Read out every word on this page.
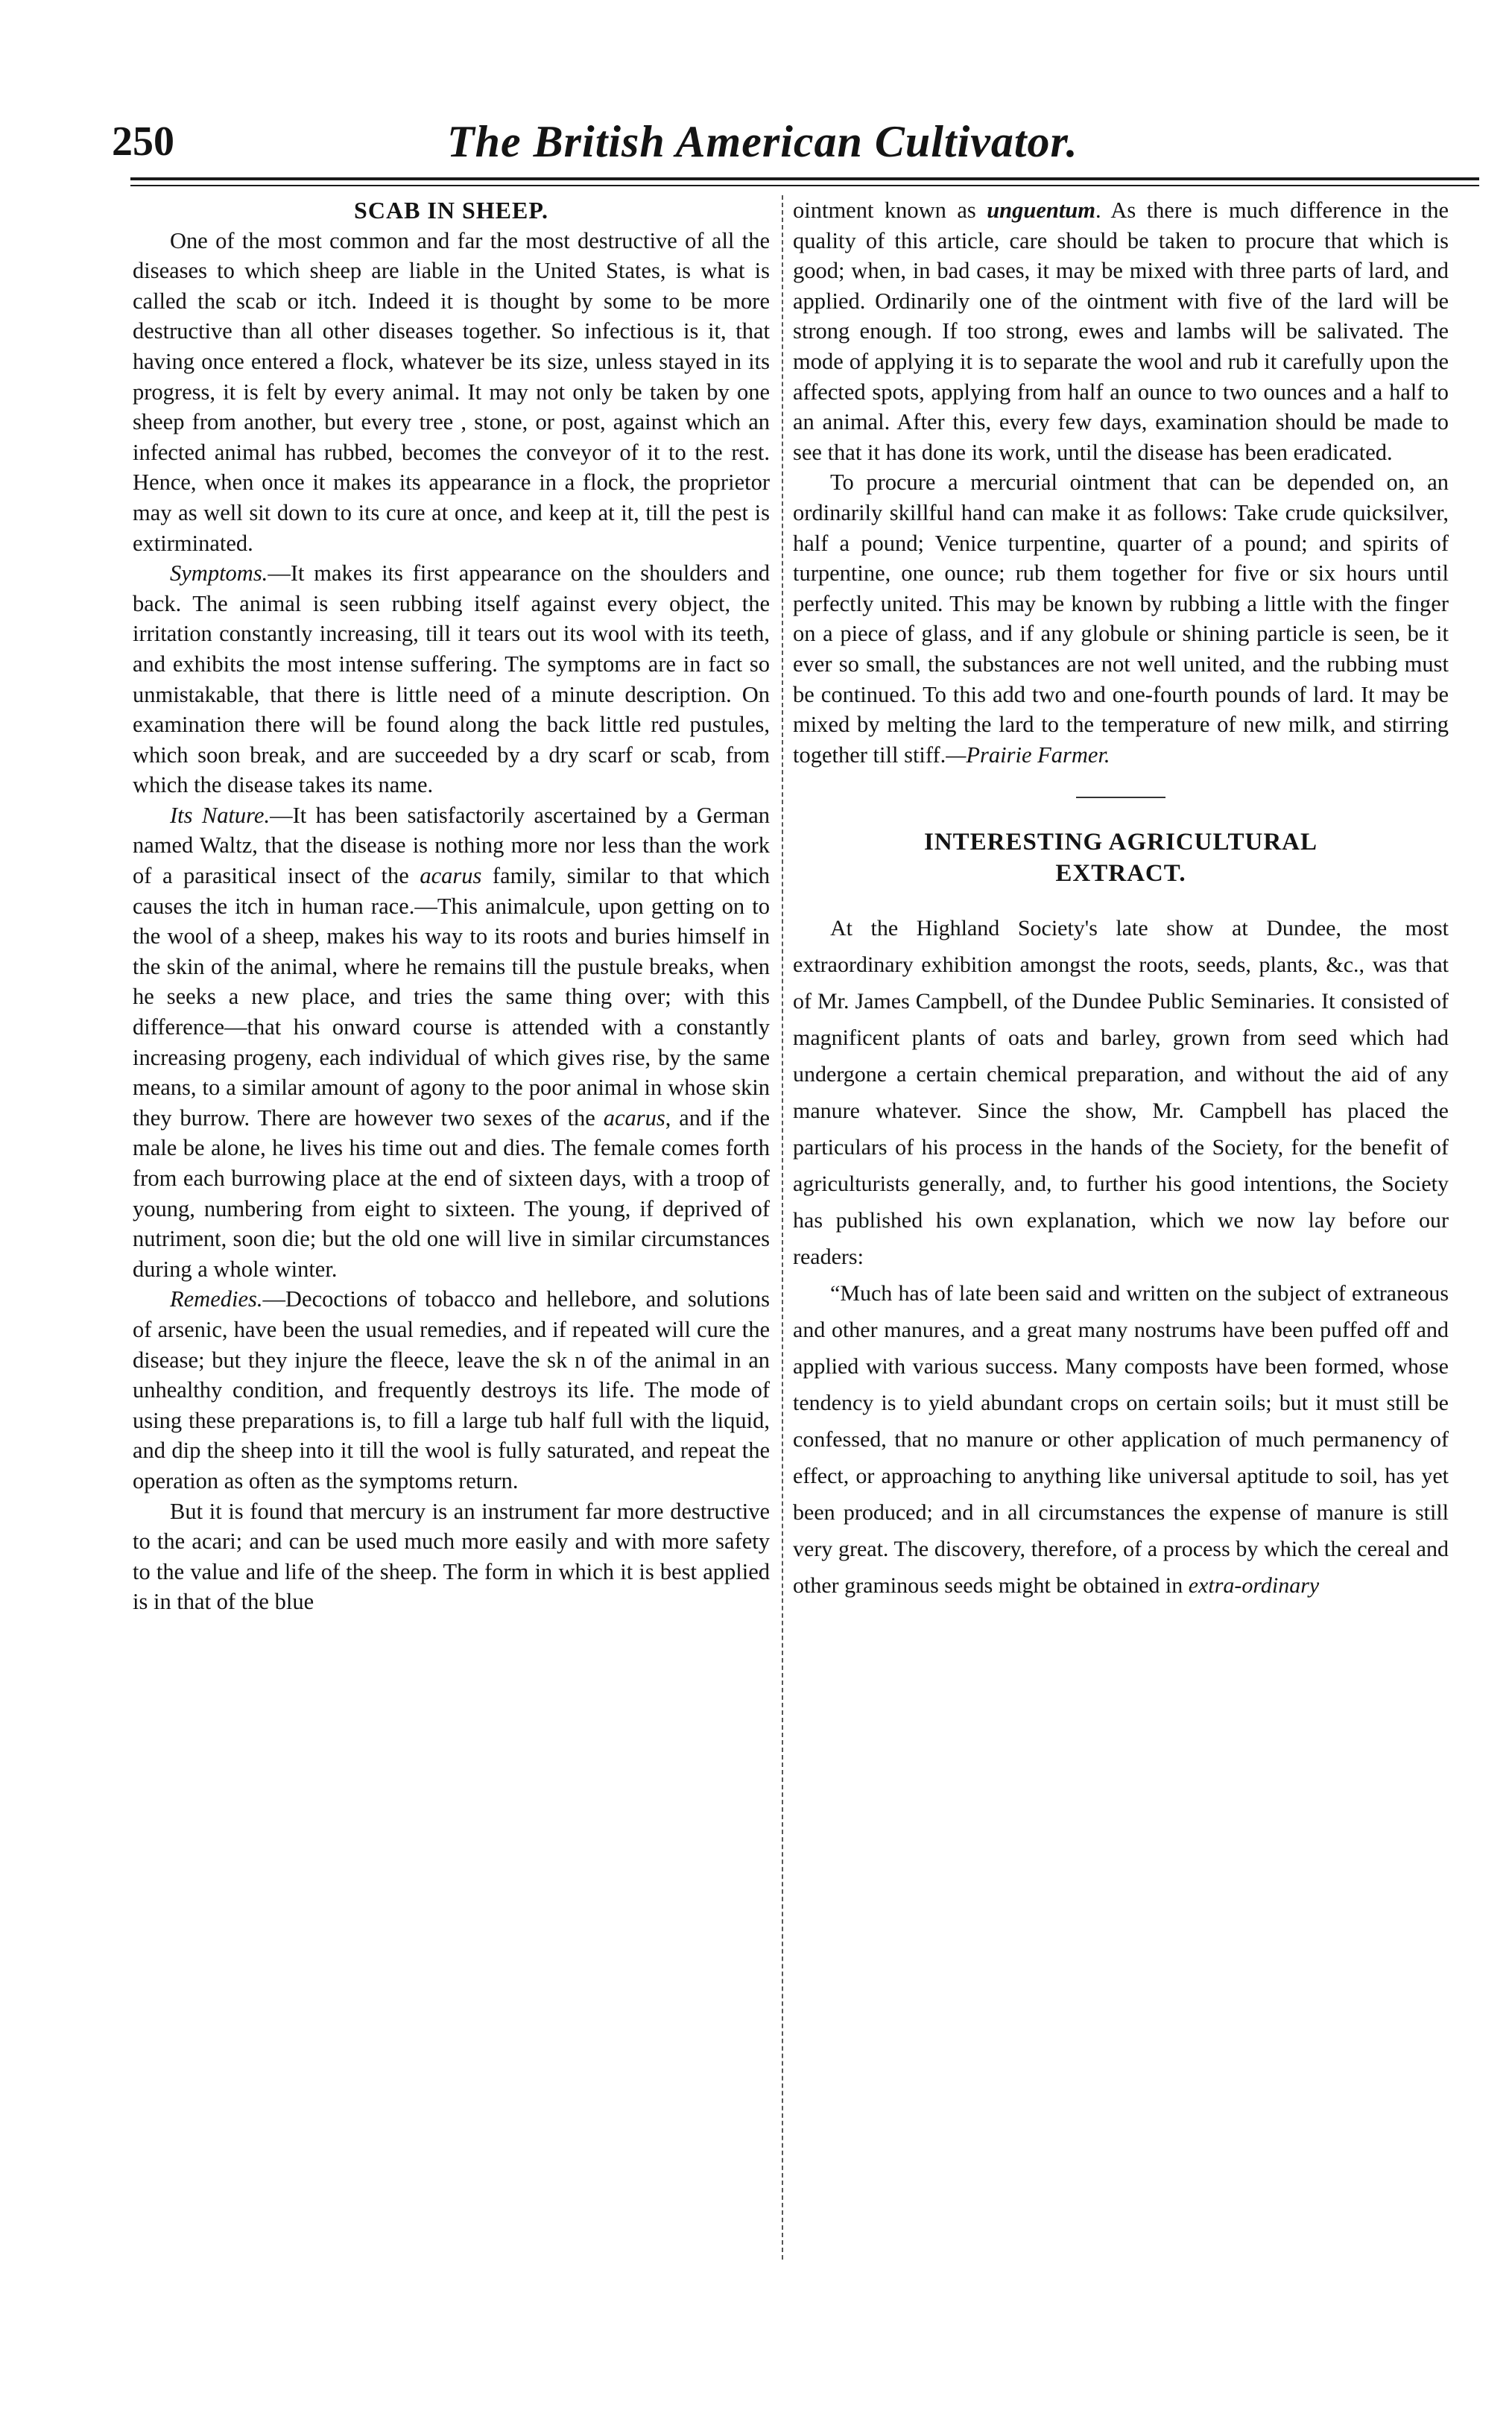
250	The British American Cultivator.
SCAB IN SHEEP.

One of the most common and far the most destructive of all the diseases to which sheep are liable in the United States, is what is called the scab or itch. Indeed it is thought by some to be more destructive than all other diseases together. So infectious is it, that having once entered a flock, whatever be its size, unless stayed in its progress, it is felt by every animal. It may not only be taken by one sheep from another, but every tree , stone, or post, against which an infected animal has rubbed, becomes the conveyor of it to the rest. Hence, when once it makes its appearance in a flock, the proprietor may as well sit down to its cure at once, and keep at it, till the pest is extirminated.

Symptoms.—It makes its first appearance on the shoulders and back. The animal is seen rubbing itself against every object, the irritation constantly increasing, till it tears out its wool with its teeth, and exhibits the most intense suffering. The symptoms are in fact so unmistakable, that there is little need of a minute description. On examination there will be found along the back little red pustules, which soon break, and are succeeded by a dry scarf or scab, from which the disease takes its name.

Its Nature.—It has been satisfactorily ascertained by a German named Waltz, that the disease is nothing more nor less than the work of a parasitical insect of the acarus family, similar to that which causes the itch in human race.—This animalcule, upon getting on to the wool of a sheep, makes his way to its roots and buries himself in the skin of the animal, where he remains till the pustule breaks, when he seeks a new place, and tries the same thing over; with this difference—that his onward course is attended with a constantly increasing progeny, each individual of which gives rise, by the same means, to a similar amount of agony to the poor animal in whose skin they burrow. There are however two sexes of the acarus, and if the male be alone, he lives his time out and dies. The female comes forth from each burrowing place at the end of sixteen days, with a troop of young, numbering from eight to sixteen. The young, if deprived of nutriment, soon die; but the old one will live in similar circumstances during a whole winter.

Remedies.—Decoctions of tobacco and hellebore, and solutions of arsenic, have been the usual remedies, and if repeated will cure the disease; but they injure the fleece, leave the sk n of the animal in an unhealthy condition, and frequently destroys its life. The mode of using these preparations is, to fill a large tub half full with the liquid, and dip the sheep into it till the wool is fully saturated, and repeat the operation as often as the symptoms return.

But it is found that mercury is an instrument far more destructive to the acari; and can be used much more easily and with more safety to the value and life of the sheep. The form in which it is best applied is in that of the blue

ointment known as unguentum. As there is much difference in the quality of this article, care should be taken to procure that which is good; when, in bad cases, it may be mixed with three parts of lard, and applied. Ordinarily one of the ointment with five of the lard will be strong enough. If too strong, ewes and lambs will be salivated. The mode of applying it is to separate the wool and rub it carefully upon the affected spots, applying from half an ounce to two ounces and a half to an animal. After this, every few days, examination should be made to see that it has done its work, until the disease has been eradicated.

To procure a mercurial ointment that can be depended on, an ordinarily skillful hand can make it as follows: Take crude quicksilver, half a pound; Venice turpentine, quarter of a pound; and spirits of turpentine, one ounce; rub them together for five or six hours until perfectly united. This may be known by rubbing a little with the finger on a piece of glass, and if any globule or shining particle is seen, be it ever so small, the substances are not well united, and the rubbing must be continued. To this add two and one-fourth pounds of lard. It may be mixed by melting the lard to the temperature of new milk, and stirring together till stiff.—Prairie Farmer.

INTERESTING AGRICULTURAL
EXTRACT.

At the Highland Society's late show at Dundee, the most extraordinary exhibition amongst the roots, seeds, plants, &c., was that of Mr. James Campbell, of the Dundee Public Seminaries. It consisted of magnificent plants of oats and barley, grown from seed which had undergone a certain chemical preparation, and without the aid of any manure whatever. Since the show, Mr. Campbell has placed the particulars of his process in the hands of the Society, for the benefit of agriculturists generally, and, to further his good intentions, the Society has published his own explanation, which we now lay before our readers:

“Much has of late been said and written on the subject of extraneous and other manures, and a great many nostrums have been puffed off and applied with various success. Many composts have been formed, whose tendency is to yield abundant crops on certain soils; but it must still be confessed, that no manure or other application of much permanency of effect, or approaching to anything like universal aptitude to soil, has yet been produced; and in all circumstances the expense of manure is still very great. The discovery, therefore, of a process by which the cereal and other graminous seeds might be obtained in extra-ordinary
